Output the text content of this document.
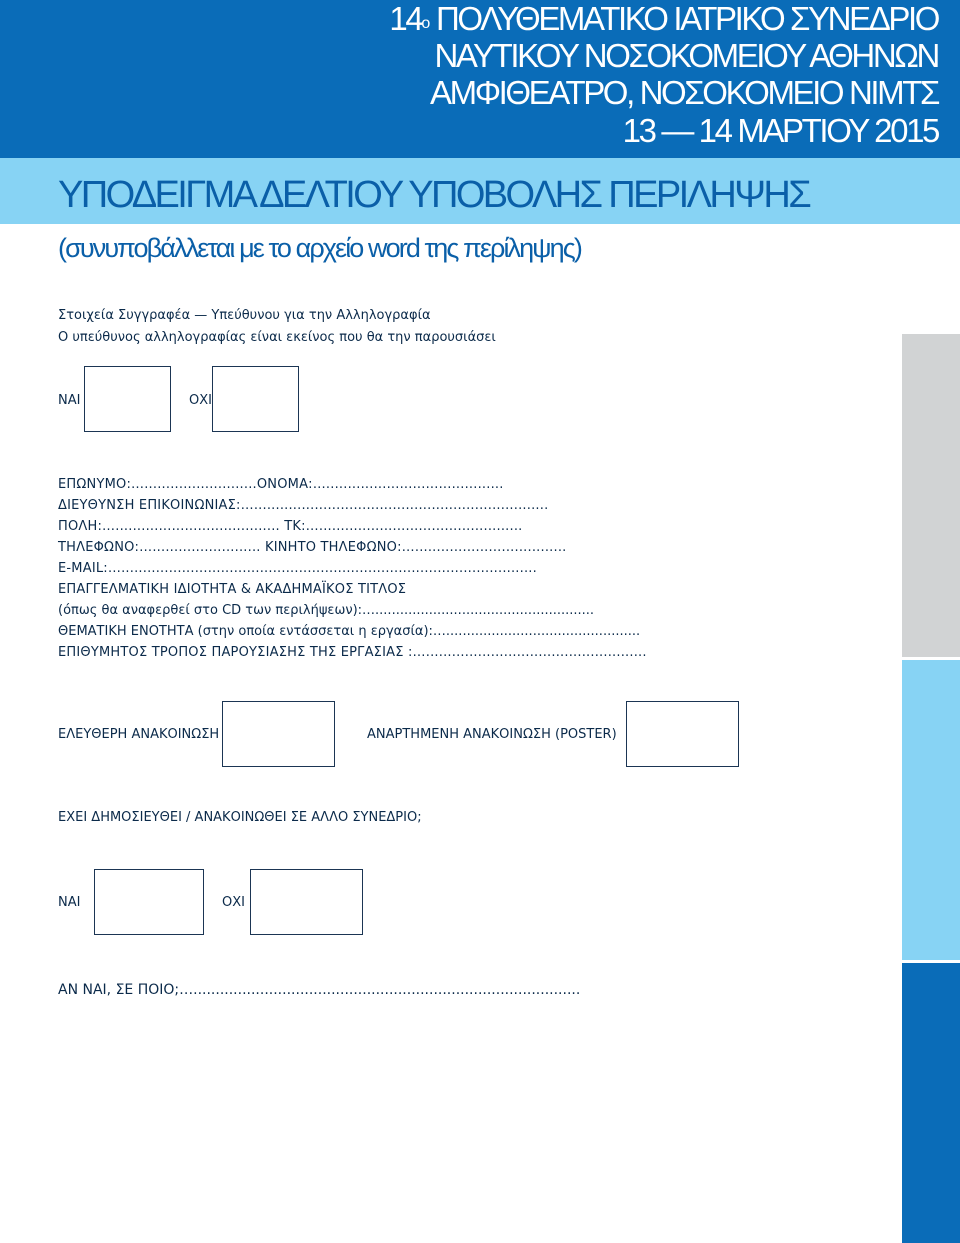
14ο ΠΟΛΥΘΕΜΑΤΙΚΟ ΙΑΤΡΙΚΟ ΣΥΝΕΔΡΙΟ
ΝΑΥΤΙΚΟΥ ΝΟΣΟΚΟΜΕΙΟΥ ΑΘΗΝΩΝ
ΑΜΦΙΘΕΑΤΡΟ, ΝΟΣΟΚΟΜΕΙΟ ΝΙΜΤΣ
13 — 14 ΜΑΡΤΙΟΥ 2015
ΥΠΟΔΕΙΓΜΑ ΔΕΛΤΙΟΥ ΥΠΟΒΟΛΗΣ ΠΕΡΙΛΗΨΗΣ
(συνυποβάλλεται με το αρχείο word της περίληψης)
Στοιχεία Συγγραφέα — Υπεύθυνου για την Αλληλογραφία
Ο υπεύθυνος αλληλογραφίας είναι εκείνος που θα την παρουσιάσει
ΝΑΙ	ΟΧΙ
ΕΠΩΝΥΜΟ:…..........................ΟΝΟΜΑ:….........................................
ΔΙΕΥΘΥΝΣΗ ΕΠΙΚΟΙΝΩΝΙΑΣ:…....................................................................
ΠΟΛΗ:…...................................... ΤΚ:…...............................................
ΤΗΛΕΦΩΝΟ:…......................... ΚΙΝΗΤΟ ΤΗΛΕΦΩΝΟ:…...................................
E-MAIL:…................................................................................................
ΕΠΑΓΓΕΛΜΑΤΙΚΗ ΙΔΙΟΤΗΤΑ & ΑΚΑΔΗΜΑΪΚΟΣ ΤΙΤΛΟΣ
(όπως θα αναφερθεί στο CD των περιλήψεων):….....................................................
ΘΕΜΑΤΙΚΗ ΕΝΟΤΗΤΑ (στην οποία εντάσσεται η εργασία):…...............................................
ΕΠΙΘΥΜΗΤΟΣ ΤΡΟΠΟΣ ΠΑΡΟΥΣΙΑΣΗΣ ΤΗΣ ΕΡΓΑΣΙΑΣ :…...................................................
ΕΛΕΥΘΕΡΗ ΑΝΑΚΟΙΝΩΣΗ	ΑΝΑΡΤΗΜΕΝΗ ΑΝΑΚΟΙΝΩΣΗ (POSTER)
ΕΧΕΙ ΔΗΜΟΣΙΕΥΘΕΙ / ΑΝΑΚΟΙΝΩΘΕΙ ΣΕ ΑΛΛΟ ΣΥΝΕΔΡΙΟ;
ΝΑΙ	ΟΧΙ
ΑΝ ΝΑΙ, ΣΕ ΠΟΙΟ;….......................................................................................
